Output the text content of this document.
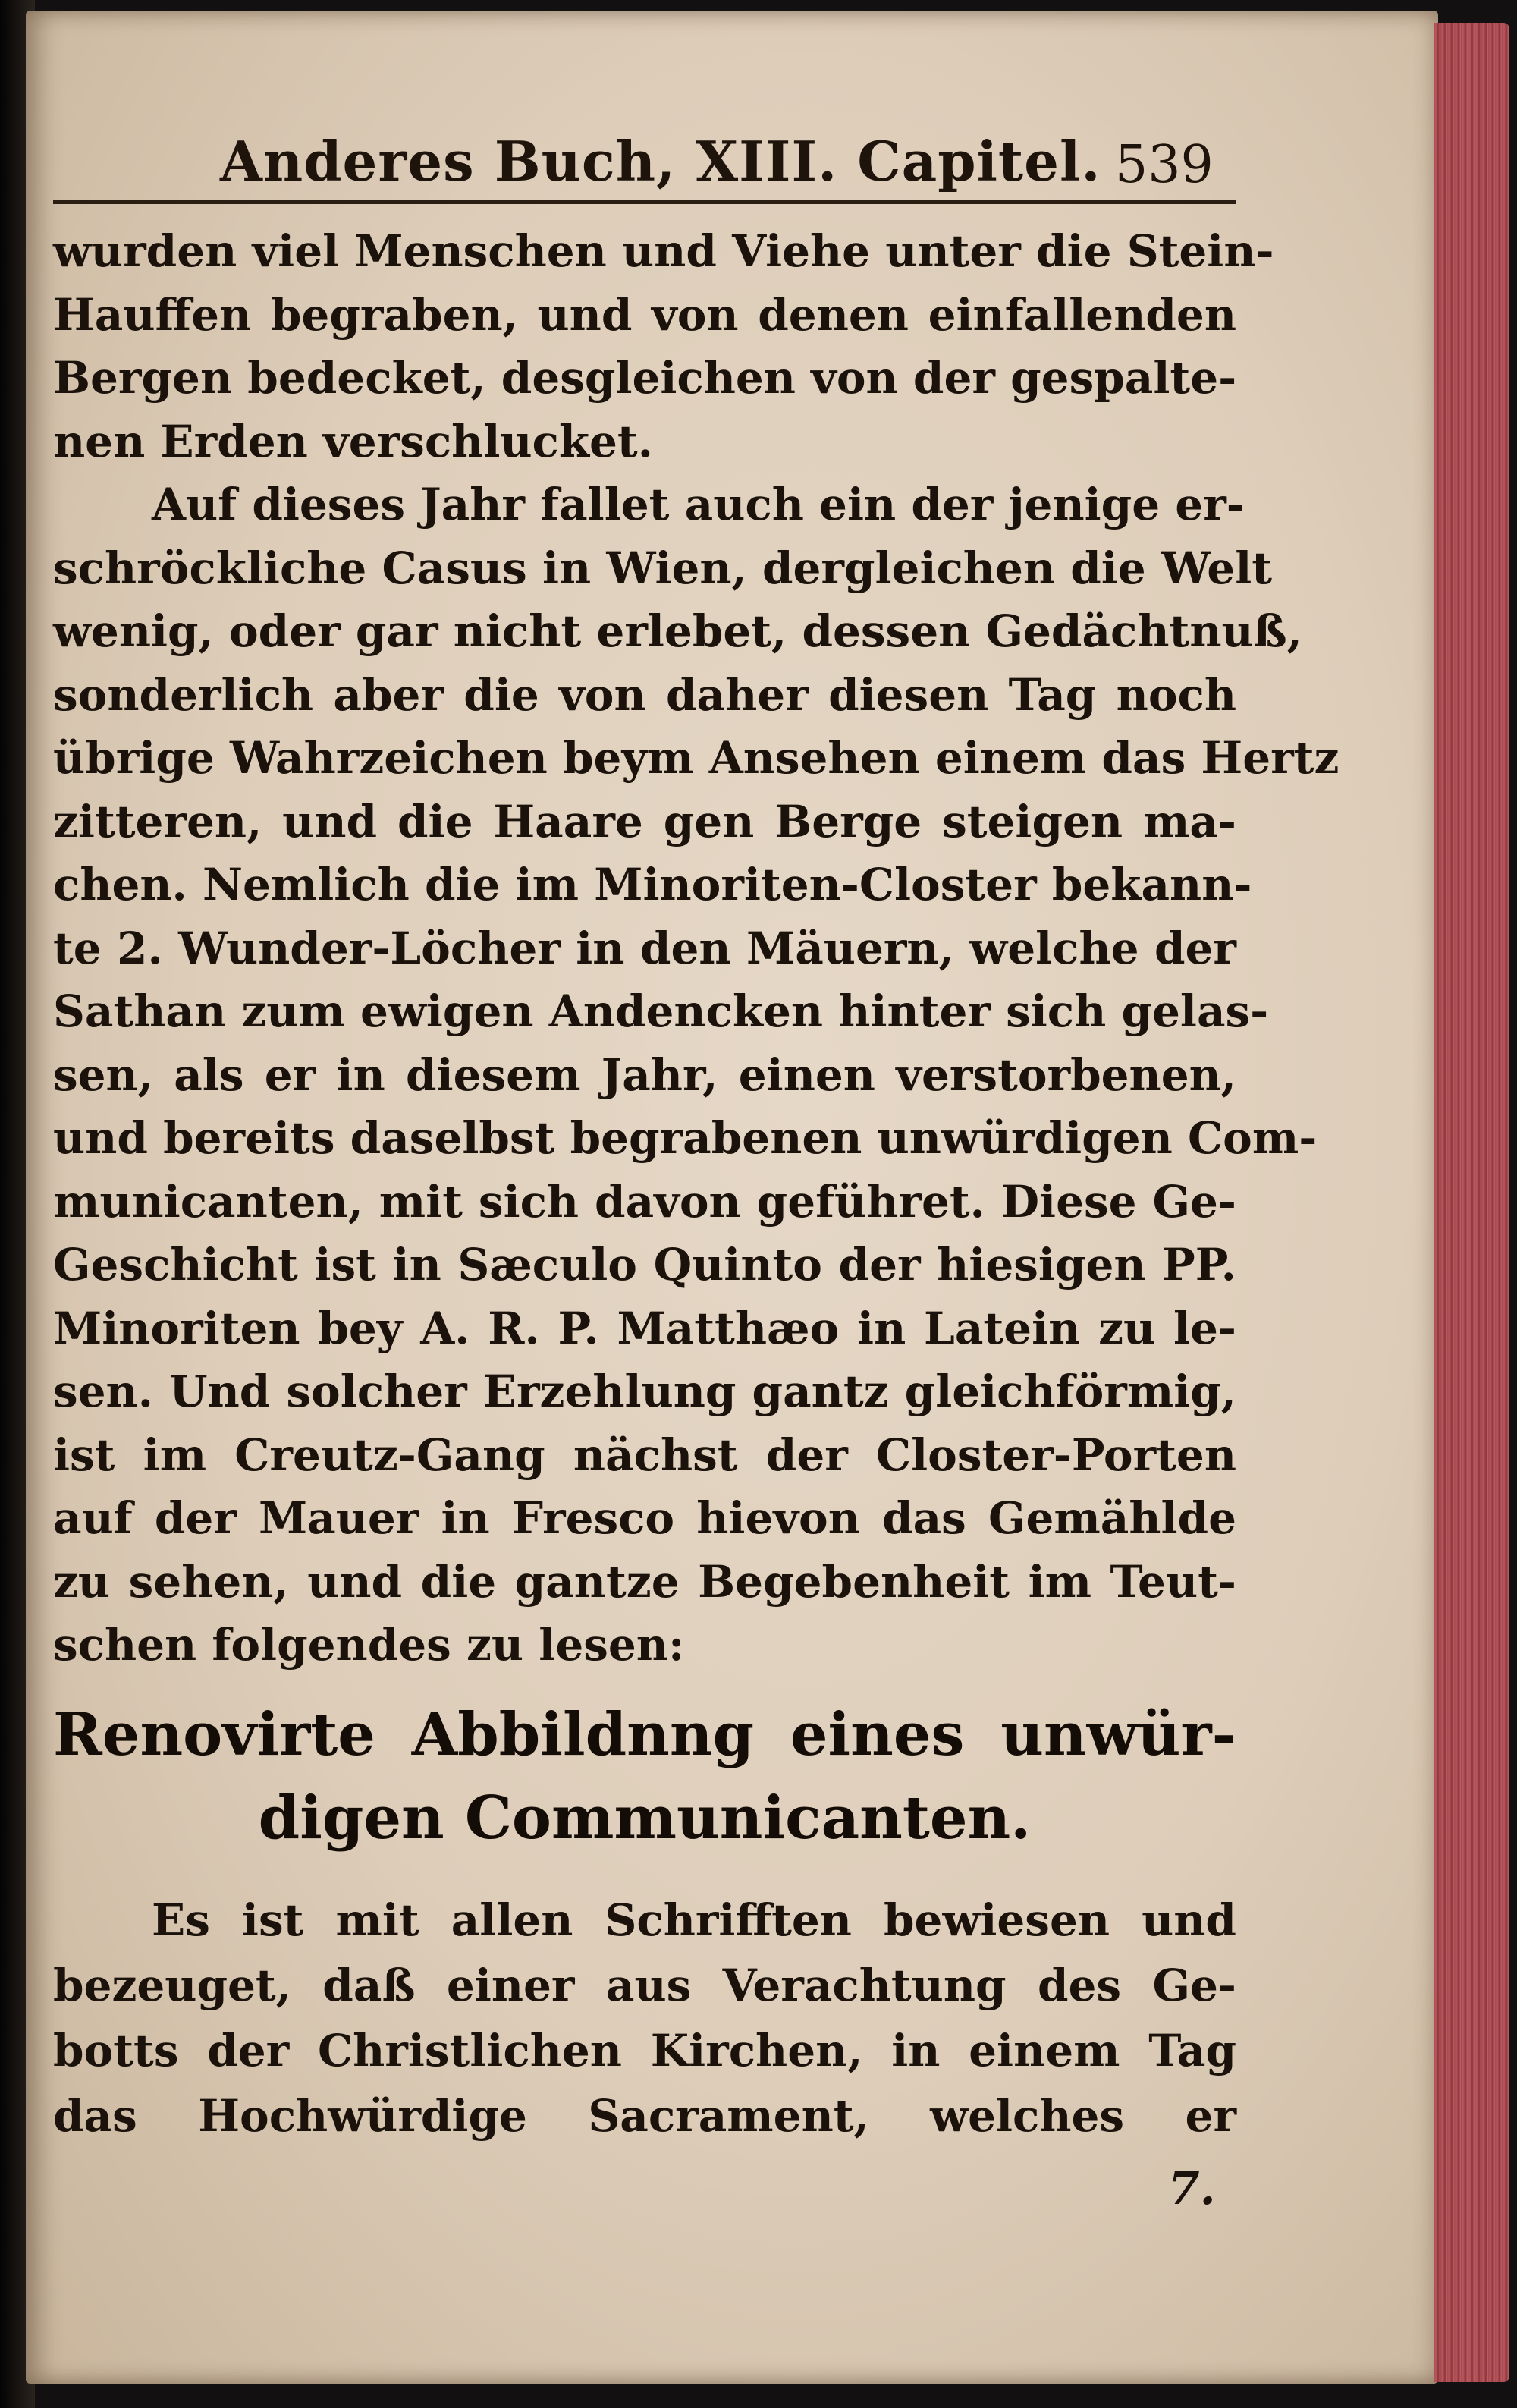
Anderes Buch, XIII. Capitel. 539
wurden viel Menschen und Viehe unter die Stein-
Hauffen begraben, und von denen einfallenden
Bergen bedecket, desgleichen von der gespalte-
nen Erden verschlucket.
Auf dieses Jahr fallet auch ein der jenige er-
schröckliche Casus in Wien, dergleichen die Welt
wenig, oder gar nicht erlebet, dessen Gedächtnuß,
sonderlich aber die von daher diesen Tag noch
übrige Wahrzeichen beym Ansehen einem das Hertz
zitteren, und die Haare gen Berge steigen ma-
chen. Nemlich die im Minoriten-Closter bekann-
te 2. Wunder-Löcher in den Mäuern, welche der
Sathan zum ewigen Andencken hinter sich gelas-
sen, als er in diesem Jahr, einen verstorbenen,
und bereits daselbst begrabenen unwürdigen Com-
municanten, mit sich davon geführet. Diese Ge-
Geschicht ist in Sæculo Quinto der hiesigen PP.
Minoriten bey A. R. P. Matthæo in Latein zu le-
sen. Und solcher Erzehlung gantz gleichförmig,
ist im Creutz-Gang nächst der Closter-Porten
auf der Mauer in Fresco hievon das Gemählde
zu sehen, und die gantze Begebenheit im Teut-
schen folgendes zu lesen:
Renovirte Abbildnng eines unwür-
digen Communicanten.
Es ist mit allen Schrifften bewiesen und
bezeuget, daß einer aus Verachtung des Ge-
botts der Christlichen Kirchen, in einem Tag
das Hochwürdige Sacrament, welches er
7.
